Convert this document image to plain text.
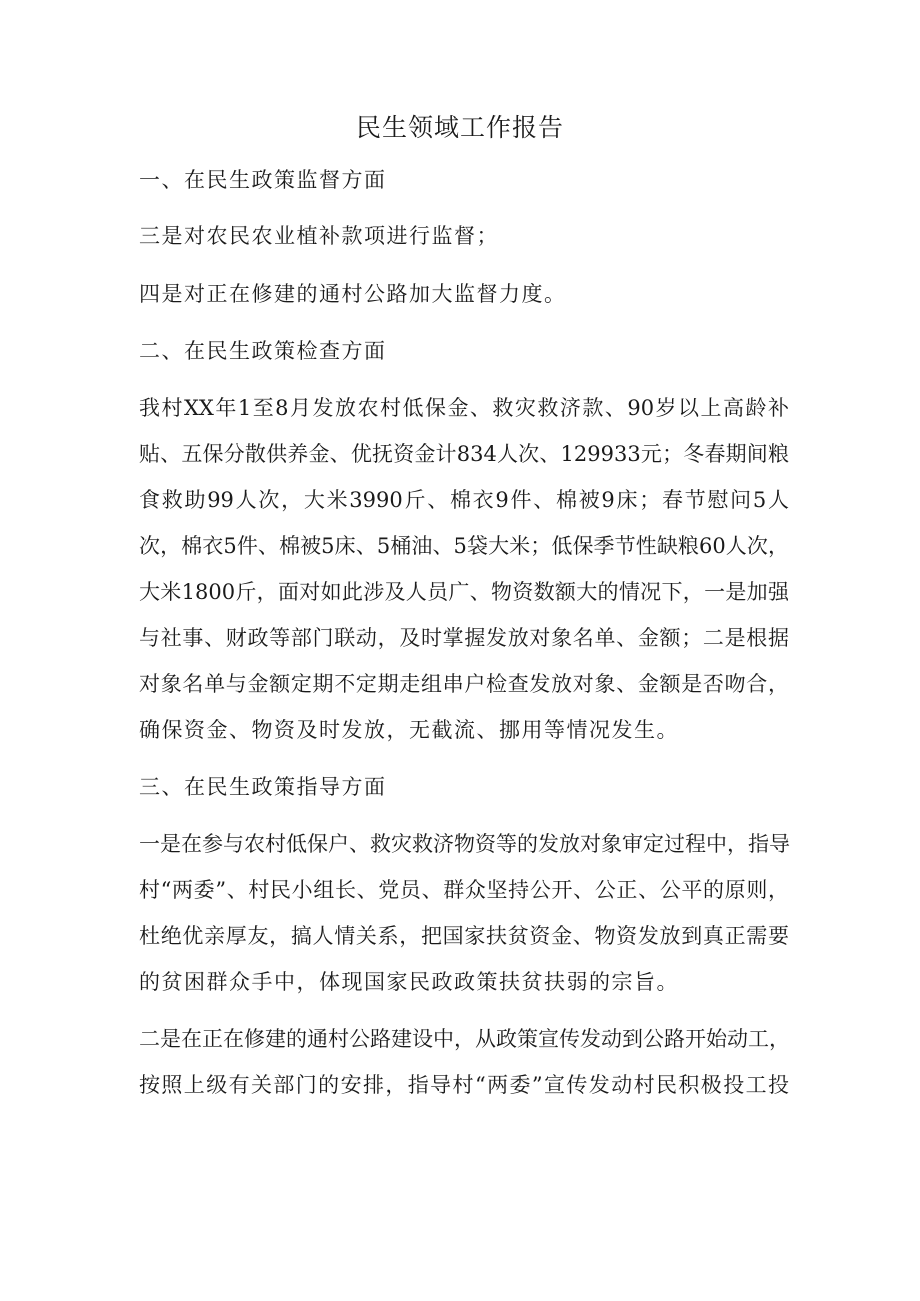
民生领域工作报告

一、在民生政策监督方面

三是对农民农业植补款项进行监督；

四是对正在修建的通村公路加大监督力度。

二、在民生政策检查方面

我村XX年1至8月发放农村低保金、救灾救济款、90岁以上高龄补

贴、五保分散供养金、优抚资金计834人次、129933元；冬春期间粮

食救助99人次，大米3990斤、棉衣9件、棉被9床；春节慰问5人

次，棉衣5件、棉被5床、5桶油、5袋大米；低保季节性缺粮60人次，

大米1800斤，面对如此涉及人员广、物资数额大的情况下，一是加强

与社事、财政等部门联动，及时掌握发放对象名单、金额；二是根据

对象名单与金额定期不定期走组串户检查发放对象、金额是否吻合，

确保资金、物资及时发放，无截流、挪用等情况发生。

三、在民生政策指导方面

一是在参与农村低保户、救灾救济物资等的发放对象审定过程中，指导

村“两委”、村民小组长、党员、群众坚持公开、公正、公平的原则，

杜绝优亲厚友，搞人情关系，把国家扶贫资金、物资发放到真正需要

的贫困群众手中，体现国家民政政策扶贫扶弱的宗旨。

二是在正在修建的通村公路建设中，从政策宣传发动到公路开始动工，

按照上级有关部门的安排，指导村“两委”宣传发动村民积极投工投
